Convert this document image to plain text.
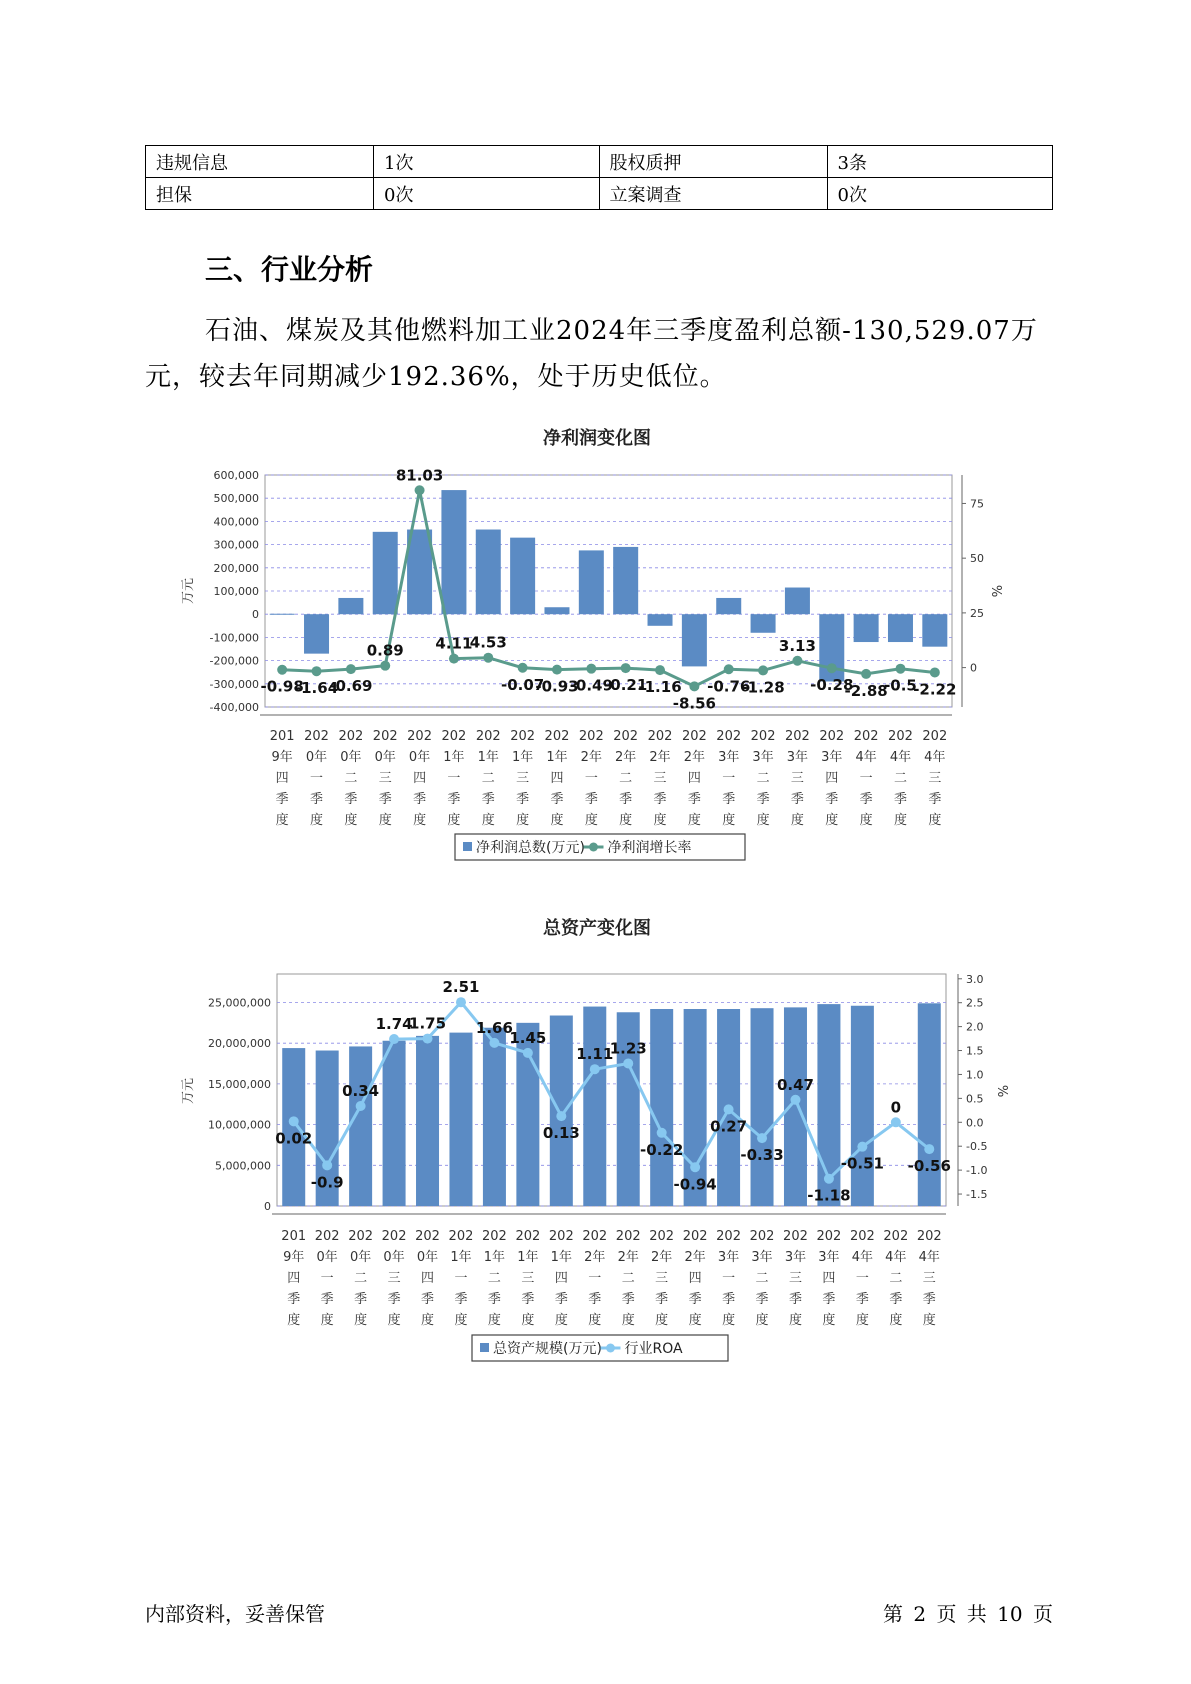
违规信息	1次	股权质押	3条
担保	0次	立案调查	0次
三、行业分析

石油、煤炭及其他燃料加工业2024年三季度盈利总额-130,529.07万元，较去年同期减少192.36%，处于历史低位。

净利润变化图
600,000
500,000
400,000
300,000
200,000
100,000
0
-100,000
-200,000
-300,000
-400,000
75
50
25
0
万元	%
-0.98
-1.64
-0.69
0.89
81.03
4.11
4.53
-0.07
-0.93
-0.49
-0.21
-1.16
-8.56
-0.76
-1.28
3.13
-0.28
-2.88
-0.5
-2.22
201 9年四季度
202 0年一季度
202 0年二季度
202 0年三季度
202 0年四季度
202 1年一季度
202 1年二季度
202 1年三季度
202 1年四季度
202 2年一季度
202 2年二季度
202 2年三季度
202 2年四季度
202 3年一季度
202 3年二季度
202 3年三季度
202 3年四季度
202 4年一季度
202 4年二季度
202 4年三季度
净利润总数(万元) 净利润增长率
总资产变化图
25,000,000
20,000,000
15,000,000
10,000,000
5,000,000
0
3.0
2.5
2.0
1.5
1.0
0.5
0.0
-0.5
-1.0
-1.5
万元	%
0.02
-0.9
0.34
1.74
1.75
2.51
1.66
1.45
0.13
1.11
1.23
-0.22
-0.94
0.27
-0.33
0.47
-1.18
-0.51
0
-0.56
201 9年四季度
202 0年一季度
202 0年二季度
202 0年三季度
202 0年四季度
202 1年一季度
202 1年二季度
202 1年三季度
202 1年四季度
202 2年一季度
202 2年二季度
202 2年三季度
202 2年四季度
202 3年一季度
202 3年二季度
202 3年三季度
202 3年四季度
202 4年一季度
202 4年二季度
202 4年三季度
总资产规模(万元) 行业ROA
内部资料，妥善保管	第 2 页 共 10 页
